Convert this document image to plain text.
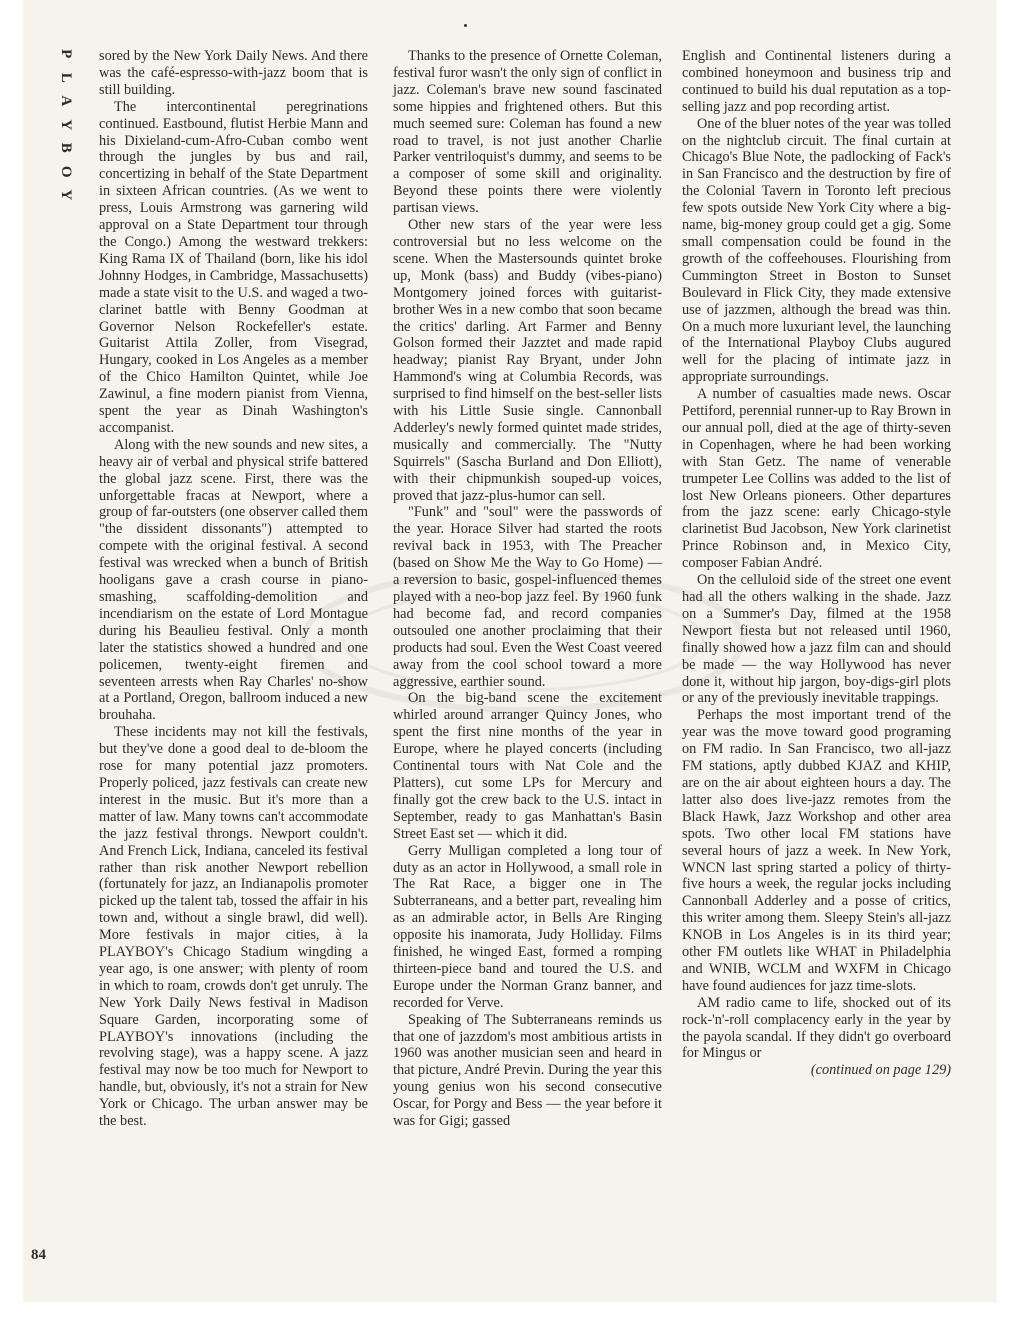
P
L
A
Y
B
O
Y
84

sored by the New York Daily News. And there was the café-espresso-with-jazz boom that is still building.

The intercontinental peregrinations continued. Eastbound, flutist Herbie Mann and his Dixieland-cum-Afro-Cuban combo went through the jungles by bus and rail, concertizing in behalf of the State Department in sixteen African countries. (As we went to press, Louis Armstrong was garnering wild approval on a State Department tour through the Congo.) Among the westward trekkers: King Rama IX of Thailand (born, like his idol Johnny Hodges, in Cambridge, Massachusetts) made a state visit to the U.S. and waged a two-clarinet battle with Benny Goodman at Governor Nelson Rockefeller's estate. Guitarist Attila Zoller, from Visegrad, Hungary, cooked in Los Angeles as a member of the Chico Hamilton Quintet, while Joe Zawinul, a fine modern pianist from Vienna, spent the year as Dinah Washington's accompanist.

Along with the new sounds and new sites, a heavy air of verbal and physical strife battered the global jazz scene. First, there was the unforgettable fracas at Newport, where a group of far-outsters (one observer called them "the dissident dissonants") attempted to compete with the original festival. A second festival was wrecked when a bunch of British hooligans gave a crash course in piano-smashing, scaffolding-demolition and incendiarism on the estate of Lord Montague during his Beaulieu festival. Only a month later the statistics showed a hundred and one policemen, twenty-eight firemen and seventeen arrests when Ray Charles' no-show at a Portland, Oregon, ballroom induced a new brouhaha.

These incidents may not kill the festivals, but they've done a good deal to de-bloom the rose for many potential jazz promoters. Properly policed, jazz festivals can create new interest in the music. But it's more than a matter of law. Many towns can't accommodate the jazz festival throngs. Newport couldn't. And French Lick, Indiana, canceled its festival rather than risk another Newport rebellion (fortunately for jazz, an Indianapolis promoter picked up the talent tab, tossed the affair in his town and, without a single brawl, did well). More festivals in major cities, à la PLAYBOY's Chicago Stadium wingding a year ago, is one answer; with plenty of room in which to roam, crowds don't get unruly. The New York Daily News festival in Madison Square Garden, incorporating some of PLAYBOY's innovations (including the revolving stage), was a happy scene. A jazz festival may now be too much for Newport to handle, but, obviously, it's not a strain for New York or Chicago. The urban answer may be the best.

Thanks to the presence of Ornette Coleman, festival furor wasn't the only sign of conflict in jazz. Coleman's brave new sound fascinated some hippies and frightened others. But this much seemed sure: Coleman has found a new road to travel, is not just another Charlie Parker ventriloquist's dummy, and seems to be a composer of some skill and originality. Beyond these points there were violently partisan views.

Other new stars of the year were less controversial but no less welcome on the scene. When the Mastersounds quintet broke up, Monk (bass) and Buddy (vibes-piano) Montgomery joined forces with guitarist-brother Wes in a new combo that soon became the critics' darling. Art Farmer and Benny Golson formed their Jazztet and made rapid headway; pianist Ray Bryant, under John Hammond's wing at Columbia Records, was surprised to find himself on the best-seller lists with his Little Susie single. Cannonball Adderley's newly formed quintet made strides, musically and commercially. The "Nutty Squirrels" (Sascha Burland and Don Elliott), with their chipmunkish souped-up voices, proved that jazz-plus-humor can sell.

"Funk" and "soul" were the passwords of the year. Horace Silver had started the roots revival back in 1953, with The Preacher (based on Show Me the Way to Go Home) — a reversion to basic, gospel-influenced themes played with a neo-bop jazz feel. By 1960 funk had become fad, and record companies outsouled one another proclaiming that their products had soul. Even the West Coast veered away from the cool school toward a more aggressive, earthier sound.

On the big-band scene the excitement whirled around arranger Quincy Jones, who spent the first nine months of the year in Europe, where he played concerts (including Continental tours with Nat Cole and the Platters), cut some LPs for Mercury and finally got the crew back to the U.S. intact in September, ready to gas Manhattan's Basin Street East set — which it did.

Gerry Mulligan completed a long tour of duty as an actor in Hollywood, a small role in The Rat Race, a bigger one in The Subterraneans, and a better part, revealing him as an admirable actor, in Bells Are Ringing opposite his inamorata, Judy Holliday. Films finished, he winged East, formed a romping thirteen-piece band and toured the U.S. and Europe under the Norman Granz banner, and recorded for Verve.

Speaking of The Subterraneans reminds us that one of jazzdom's most ambitious artists in 1960 was another musician seen and heard in that picture, André Previn. During the year this young genius won his second consecutive Oscar, for Porgy and Bess — the year before it was for Gigi; gassed

English and Continental listeners during a combined honeymoon and business trip and continued to build his dual reputation as a top-selling jazz and pop recording artist.

One of the bluer notes of the year was tolled on the nightclub circuit. The final curtain at Chicago's Blue Note, the padlocking of Fack's in San Francisco and the destruction by fire of the Colonial Tavern in Toronto left precious few spots outside New York City where a big-name, big-money group could get a gig. Some small compensation could be found in the growth of the coffeehouses. Flourishing from Cummington Street in Boston to Sunset Boulevard in Flick City, they made extensive use of jazzmen, although the bread was thin. On a much more luxuriant level, the launching of the International Playboy Clubs augured well for the placing of intimate jazz in appropriate surroundings.

A number of casualties made news. Oscar Pettiford, perennial runner-up to Ray Brown in our annual poll, died at the age of thirty-seven in Copenhagen, where he had been working with Stan Getz. The name of venerable trumpeter Lee Collins was added to the list of lost New Orleans pioneers. Other departures from the jazz scene: early Chicago-style clarinetist Bud Jacobson, New York clarinetist Prince Robinson and, in Mexico City, composer Fabian André.

On the celluloid side of the street one event had all the others walking in the shade. Jazz on a Summer's Day, filmed at the 1958 Newport fiesta but not released until 1960, finally showed how a jazz film can and should be made — the way Hollywood has never done it, without hip jargon, boy-digs-girl plots or any of the previously inevitable trappings.

Perhaps the most important trend of the year was the move toward good programing on FM radio. In San Francisco, two all-jazz FM stations, aptly dubbed KJAZ and KHIP, are on the air about eighteen hours a day. The latter also does live-jazz remotes from the Black Hawk, Jazz Workshop and other area spots. Two other local FM stations have several hours of jazz a week. In New York, WNCN last spring started a policy of thirty-five hours a week, the regular jocks including Cannonball Adderley and a posse of critics, this writer among them. Sleepy Stein's all-jazz KNOB in Los Angeles is in its third year; other FM outlets like WHAT in Philadelphia and WNIB, WCLM and WXFM in Chicago have found audiences for jazz time-slots.

AM radio came to life, shocked out of its rock-'n'-roll complacency early in the year by the payola scandal. If they didn't go overboard for Mingus or

(continued on page 129)
